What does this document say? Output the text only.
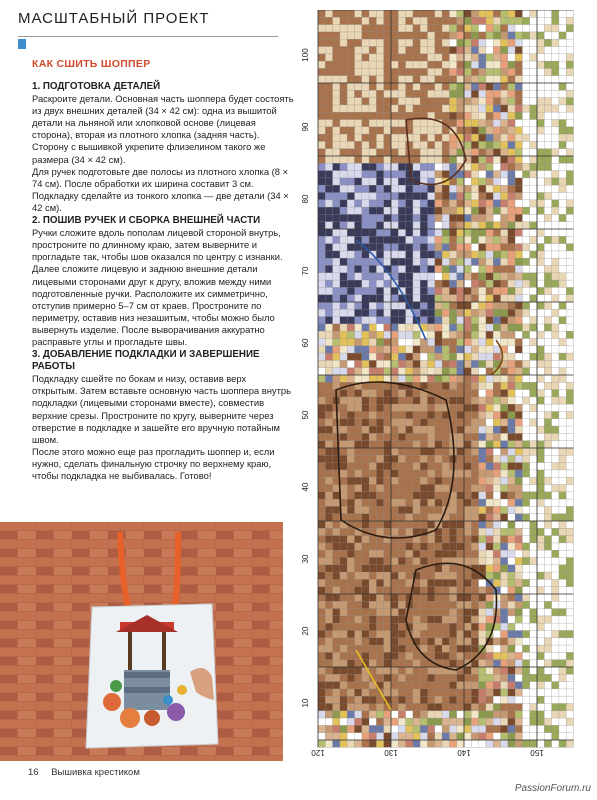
МАСШТАБНЫЙ ПРОЕКТ
КАК СШИТЬ ШОППЕР

1. ПОДГОТОВКА ДЕТАЛЕЙ

Раскроите детали. Основная часть шоппера будет состоять из двух внешних деталей (34 × 42 см): одна из вышитой детали на льняной или хлопковой основе (лицевая сторона), вторая из плотного хлопка (задняя часть). Сторону с вышивкой укрепите флизелином такого же размера (34 × 42 см).

Для ручек подготовьте две полосы из плотного хлопка (8 × 74 см). После обработки их ширина составит 3 см. Подкладку сделайте из тонкого хлопка — две детали (34 × 42 см).

2. ПОШИВ РУЧЕК И СБОРКА ВНЕШНЕЙ ЧАСТИ

Ручки сложите вдоль пополам лицевой стороной внутрь, простроните по длинному краю, затем выверните и прогладьте так, чтобы шов оказался по центру с изнанки.

Далее сложите лицевую и заднюю внешние детали лицевыми сторонами друг к другу, вложив между ними подготовленные ручки. Расположите их симметрично, отступив примерно 5–7 см от краев. Простроните по периметру, оставив низ незашитым, чтобы можно было вывернуть изделие. После выворачивания аккуратно расправьте углы и прогладьте швы.

3. ДОБАВЛЕНИЕ ПОДКЛАДКИ И ЗАВЕРШЕНИЕ РАБОТЫ

Подкладку сшейте по бокам и низу, оставив верх открытым. Затем вставьте основную часть шоппера внутрь подкладки (лицевыми сторонами вместе), совместив верхние срезы. Простроните по кругу, выверните через отверстие в подкладке и зашейте его вручную потайным швом.

После этого можно еще раз прогладить шоппер и, если нужно, сделать финальную строчку по верхнему краю, чтобы подкладка не выбивалась. Готово!

16 Вышивка крестиком
PassionForum.ru
100
90
80
70
60
50
40
30
20
10
120	130	140	150
